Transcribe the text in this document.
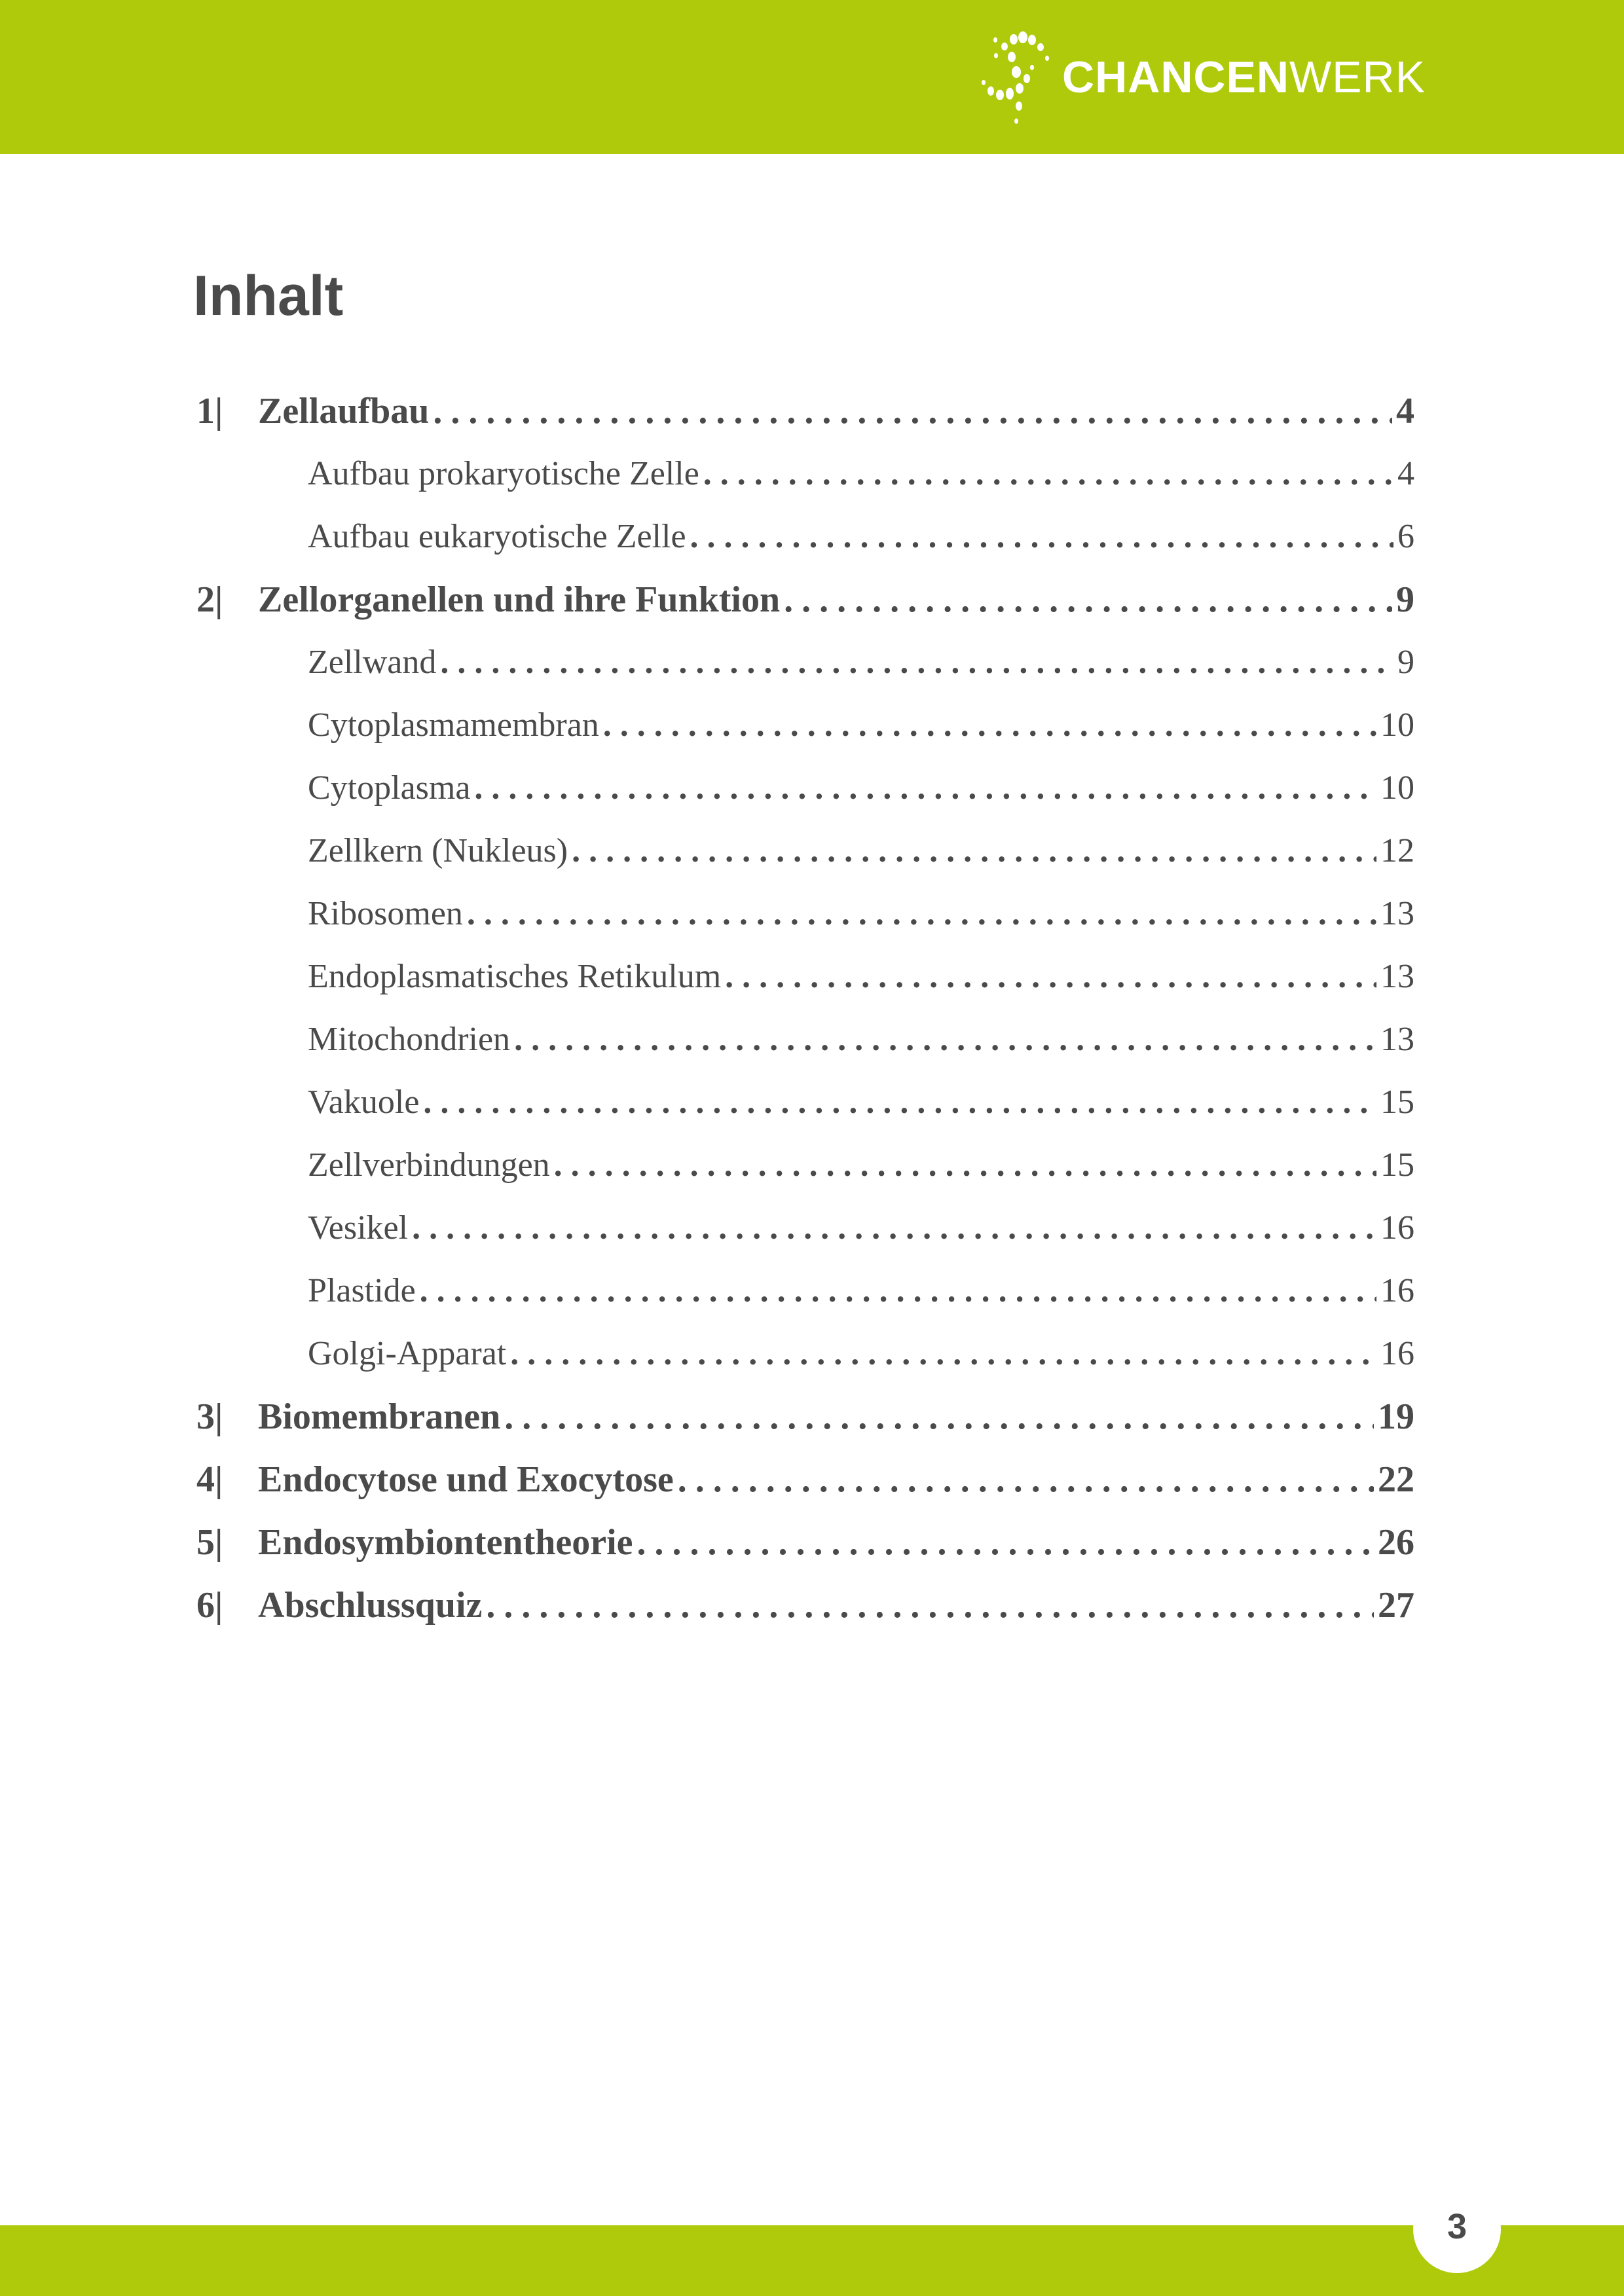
CHANCENWERK
Inhalt
1| Zellaufbau .....	4
Aufbau prokaryotische Zelle .....	4
Aufbau eukaryotische Zelle .....	6
2| Zellorganellen und ihre Funktion .....	9
Zellwand .....	9
Cytoplasmamembran .....	10
Cytoplasma .....	10
Zellkern (Nukleus) .....	12
Ribosomen .....	13
Endoplasmatisches Retikulum .....	13
Mitochondrien .....	13
Vakuole .....	15
Zellverbindungen .....	15
Vesikel .....	16
Plastide .....	16
Golgi-Apparat .....	16
3| Biomembranen .....	19
4| Endocytose und Exocytose .....	22
5| Endosymbiontentheorie .....	26
6| Abschlussquiz .....	27
3
